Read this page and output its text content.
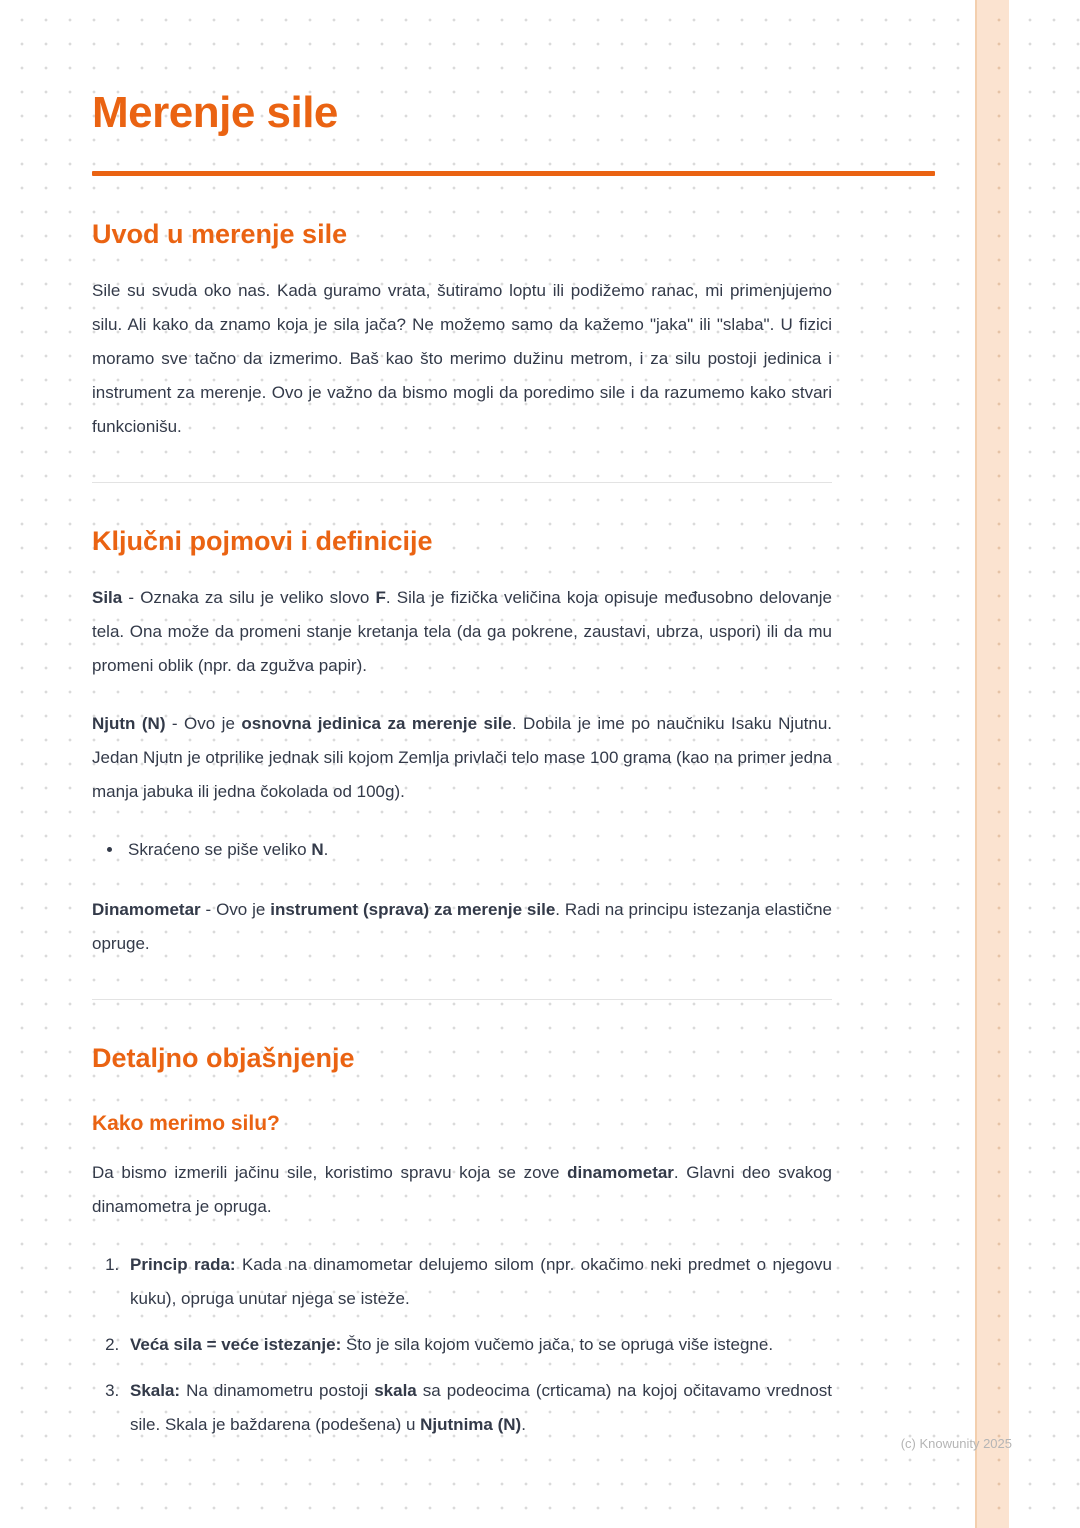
Merenje sile
Uvod u merenje sile

Sile su svuda oko nas. Kada guramo vrata, šutiramo loptu ili podižemo ranac, mi primenjujemo silu. Ali kako da znamo koja je sila jača? Ne možemo samo da kažemo "jaka" ili "slaba". U fizici moramo sve tačno da izmerimo. Baš kao što merimo dužinu metrom, i za silu postoji jedinica i instrument za merenje. Ovo je važno da bismo mogli da poredimo sile i da razumemo kako stvari funkcionišu.

Ključni pojmovi i definicije

Sila - Oznaka za silu je veliko slovo F. Sila je fizička veličina koja opisuje međusobno delovanje tela. Ona može da promeni stanje kretanja tela (da ga pokrene, zaustavi, ubrza, uspori) ili da mu promeni oblik (npr. da zgužva papir).

Njutn (N) - Ovo je osnovna jedinica za merenje sile. Dobila je ime po naučniku Isaku Njutnu. Jedan Njutn je otprilike jednak sili kojom Zemlja privlači telo mase 100 grama (kao na primer jedna manja jabuka ili jedna čokolada od 100g).

• Skraćeno se piše veliko N.

Dinamometar - Ovo je instrument (sprava) za merenje sile. Radi na principu istezanja elastične opruge.

Detaljno objašnjenje
Kako merimo silu?

Da bismo izmerili jačinu sile, koristimo spravu koja se zove dinamometar. Glavni deo svakog dinamometra je opruga.

1. Princip rada: Kada na dinamometar delujemo silom (npr. okačimo neki predmet o njegovu kuku), opruga unutar njega se isteže.
2. Veća sila = veće istezanje: Što je sila kojom vučemo jača, to se opruga više istegne.
3. Skala: Na dinamometru postoji skala sa podeocima (crticama) na kojoj očitavamo vrednost sile. Skala je baždarena (podešena) u Njutnima (N).
(c) Knowunity 2025
